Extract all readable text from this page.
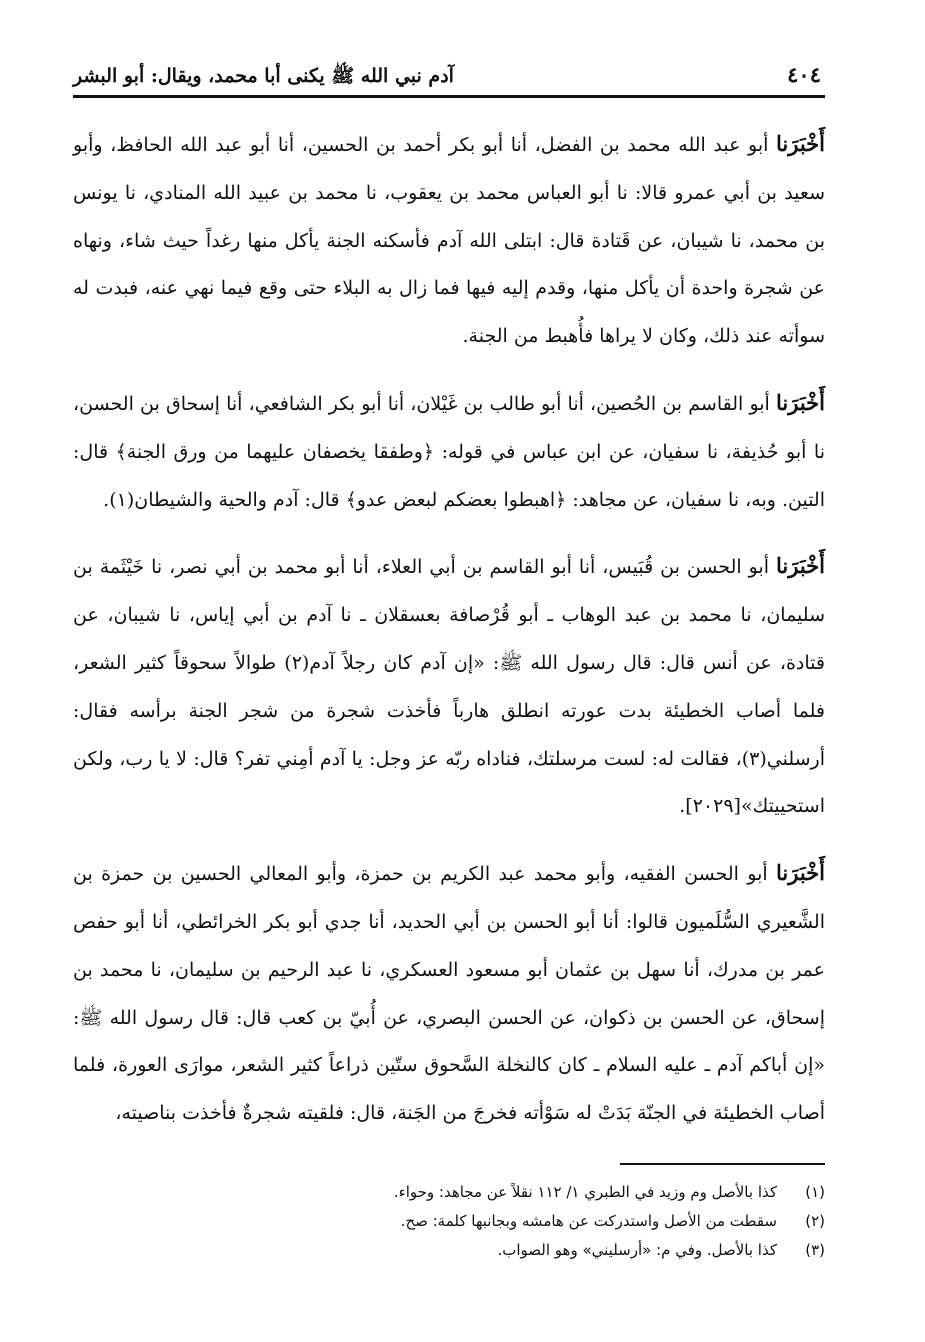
٤٠٤
آدم نبي الله ﷺ يكنى أبا محمد، ويقال: أبو البشر

أَخْبَرَنا أبو عبد الله محمد بن الفضل، أنا أبو بكر أحمد بن الحسين، أنا أبو عبد الله الحافظ، وأبو سعيد بن أبي عمرو قالا: نا أبو العباس محمد بن يعقوب، نا محمد بن عبيد الله المنادي، نا يونس بن محمد، نا شيبان، عن قَتادة قال: ابتلى الله آدم فأسكنه الجنة يأكل منها رغداً حيث شاء، ونهاه عن شجرة واحدة أن يأكل منها، وقدم إليه فيها فما زال به البلاء حتى وقع فيما نهي عنه، فبدت له سوأته عند ذلك، وكان لا يراها فأُهبط من الجنة.

أَخْبَرَنا أبو القاسم بن الحُصين، أنا أبو طالب بن غَيْلان، أنا أبو بكر الشافعي، أنا إسحاق بن الحسن، نا أبو حُذيفة، نا سفيان، عن ابن عباس في قوله: ﴿وطفقا يخصفان عليهما من ورق الجنة﴾ قال: التين. وبه، نا سفيان، عن مجاهد: ﴿اهبطوا بعضكم لبعض عدو﴾ قال: آدم والحية والشيطان(١).

أَخْبَرَنا أبو الحسن بن قُبَيس، أنا أبو القاسم بن أبي العلاء، أنا أبو محمد بن أبي نصر، نا خَيْثَمة بن سليمان، نا محمد بن عبد الوهاب ـ أبو قُرْصافة بعسقلان ـ نا آدم بن أبي إياس، نا شيبان، عن قتادة، عن أنس قال: قال رسول الله ﷺ: «إن آدم كان رجلاً آدم(٢) طوالاً سحوقاً كثير الشعر، فلما أصاب الخطيئة بدت عورته انطلق هارباً فأخذت شجرة من شجر الجنة برأسه فقال: أرسلني(٣)، فقالت له: لست مرسلتك، فناداه ربّه عز وجل: يا آدم أمِني تفر؟ قال: لا يا رب، ولكن استحييتك»[٢٠٢٩].

أَخْبَرَنا أبو الحسن الفقيه، وأبو محمد عبد الكريم بن حمزة، وأبو المعالي الحسين بن حمزة بن الشَّعيري السُّلَميون قالوا: أنا أبو الحسن بن أبي الحديد، أنا جدي أبو بكر الخرائطي، أنا أبو حفص عمر بن مدرك، أنا سهل بن عثمان أبو مسعود العسكري، نا عبد الرحيم بن سليمان، نا محمد بن إسحاق، عن الحسن بن ذكوان، عن الحسن البصري، عن أُبيّ بن كعب قال: قال رسول الله ﷺ: «إن أباكم آدم ـ عليه السلام ـ كان كالنخلة السَّحوق ستّين ذراعاً كثير الشعر، موارَى العورة، فلما أصاب الخطيئة في الجنّة بَدَتْ له سَوْأته فخرجَ من الجَنة، قال: فلقيته شجرةٌ فأخذت بناصيته،

(١)
كذا بالأصل وم وزيد في الطبري ١/ ١١٢ نقلاً عن مجاهد: وحواء.
(٢)
سقطت من الأصل واستدركت عن هامشه وبجانبها كلمة: صح.
(٣)
كذا بالأصل. وفي م: «أرسليني» وهو الصواب.
